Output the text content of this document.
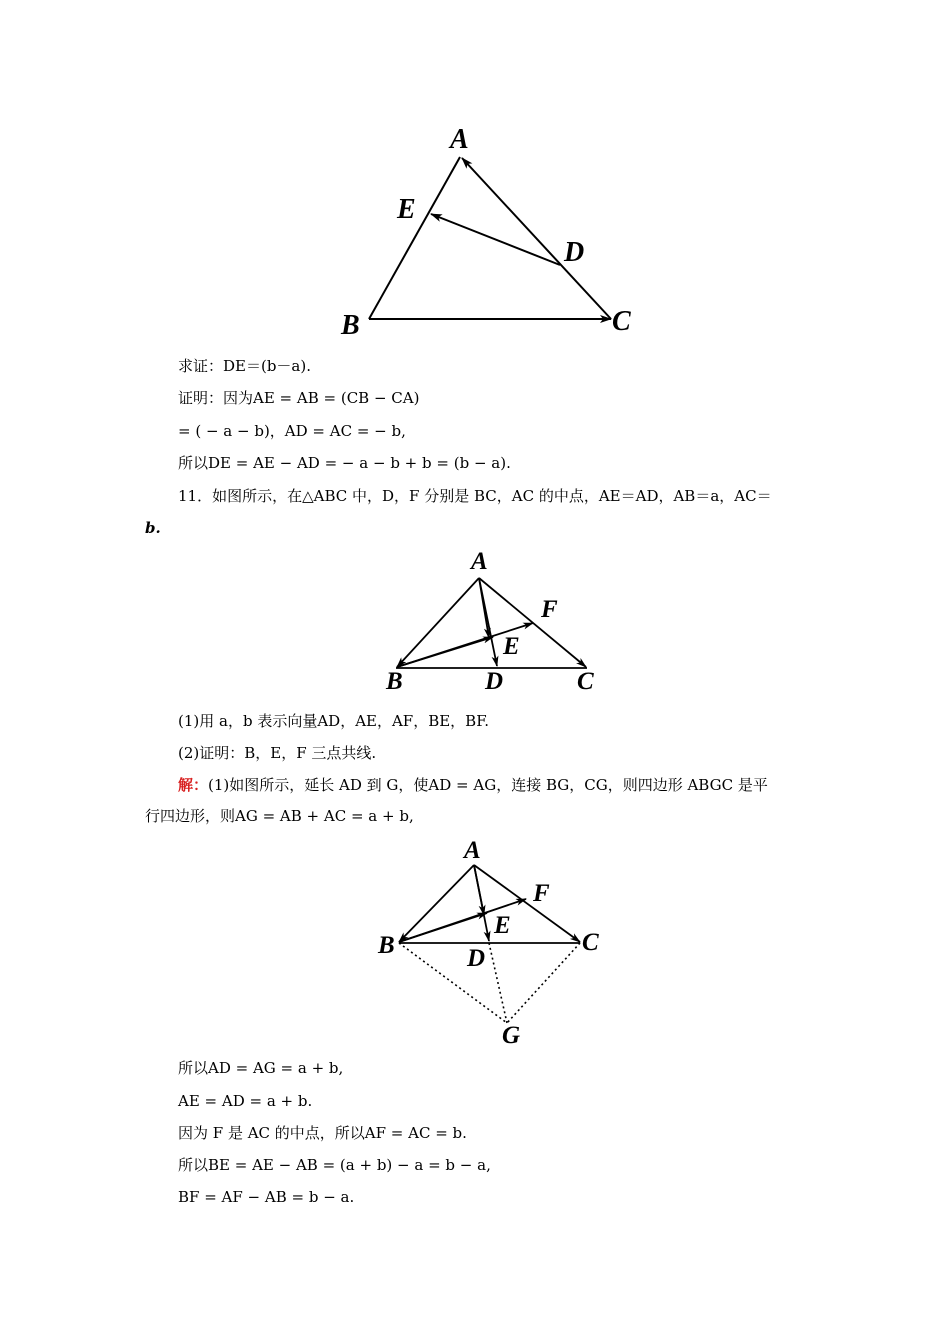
A
E
D
B	C
求证：DE＝(b－a).
证明：因为AE = AB = (CB − CA)
= ( − a − b)，AD = AC = − b,
所以DE = AE − AD = − a − b + b = (b − a).
11．如图所示，在△ABC 中，D，F 分别是 BC，AC 的中点，AE＝AD，AB＝a，AC＝
b.
A
F
E
B	D	C
(1)用 a，b 表示向量AD，AE，AF，BE，BF.
(2)证明：B，E，F 三点共线.
解：(1)如图所示，延长 AD 到 G，使AD = AG，连接 BG，CG，则四边形 ABGC 是平
行四边形，则AG = AB + AC = a + b,
A
F
E
B	C
D
G
所以AD = AG = a + b,
AE = AD = a + b.
因为 F 是 AC 的中点，所以AF = AC = b.
所以BE = AE − AB = (a + b) − a = b − a,
BF = AF − AB = b − a.
